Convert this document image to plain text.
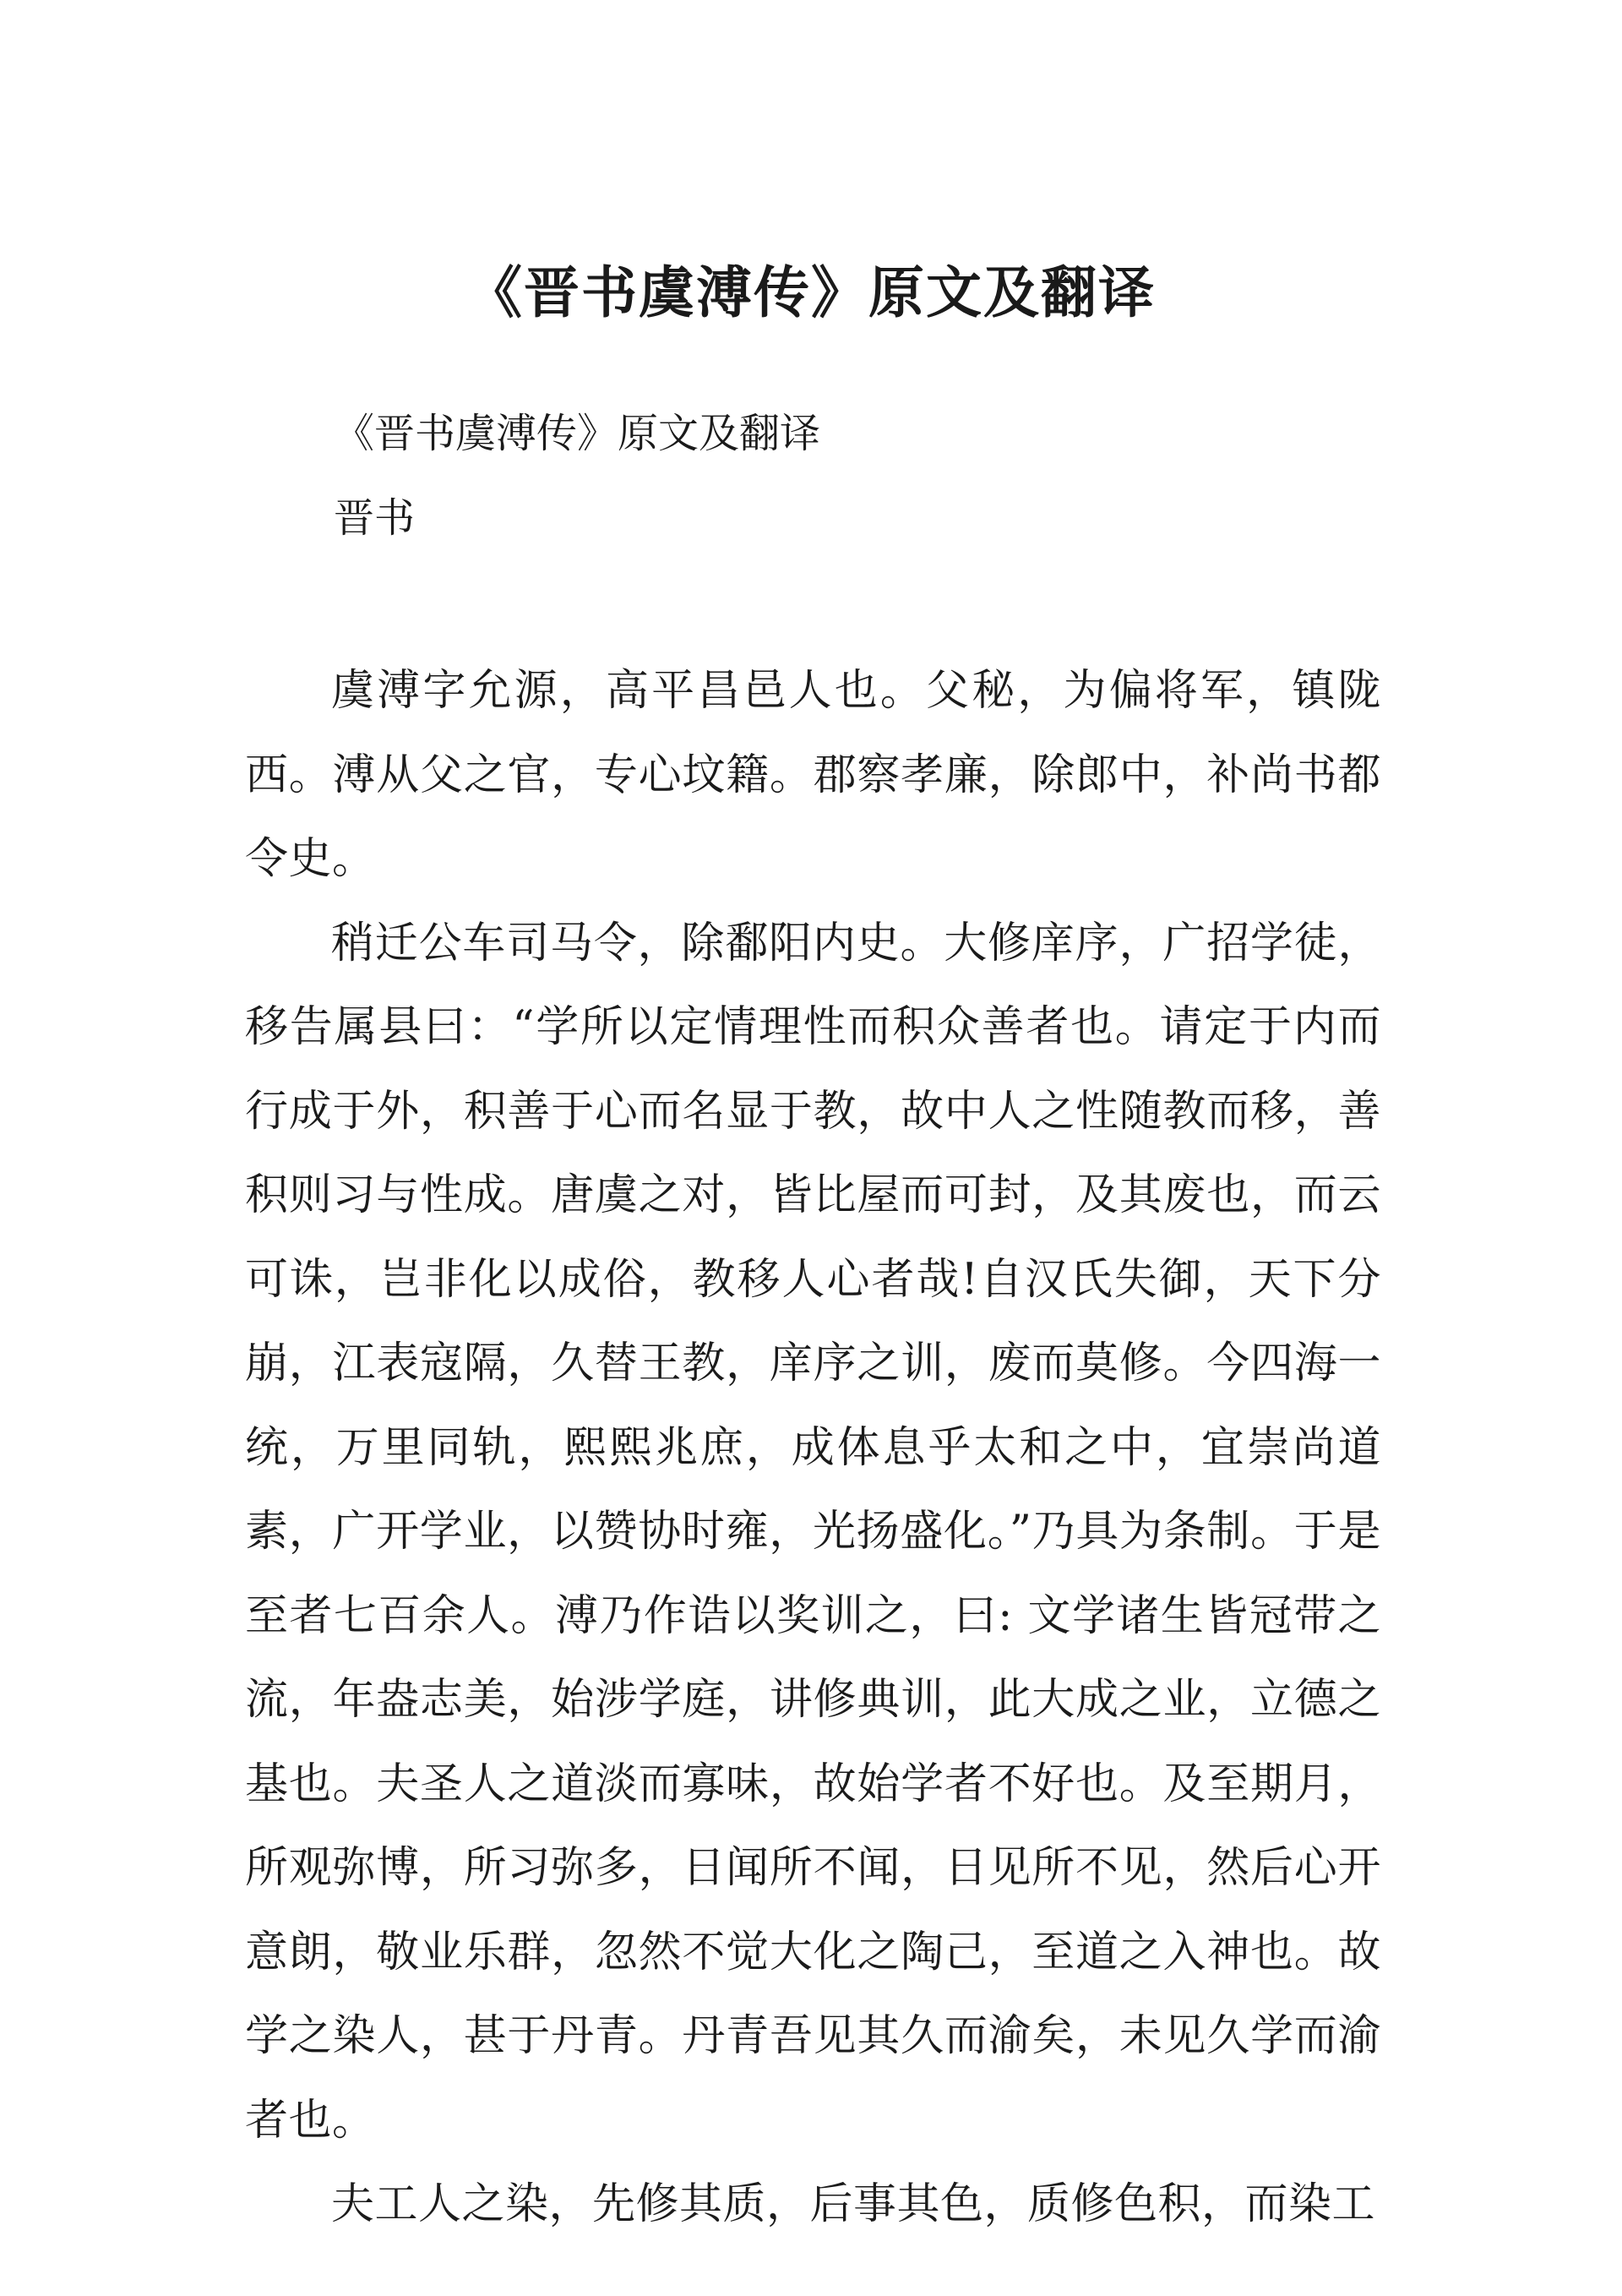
《晋书虞溥传》原文及翻译

《晋书虞溥传》原文及翻译

晋书

虞溥字允源，高平昌邑人也。父秘，为偏将军，镇陇西。溥从父之官，专心坟籍。郡察孝廉，除郎中，补尚书都令史。

稍迁公车司马令，除鄱阳内史。大修庠序，广招学徒，移告属县曰：“学所以定情理性而积众善者也。请定于内而行成于外，积善于心而名显于教，故中人之性随教而移，善积则习与性成。唐虞之对，皆比屋而可封，及其废也，而云可诛，岂非化以成俗，教移人心者哉!自汉氏失御，天下分崩，江表寇隔，久替王教，庠序之训，废而莫修。今四海一统，万里同轨，熙熙兆庶，成体息乎太和之中，宜崇尚道素，广开学业，以赞协时雍，光扬盛化。”乃具为条制。于是至者七百余人。溥乃作诰以奖训之，曰: 文学诸生皆冠带之流，年盎志美，始涉学庭，讲修典训，此大成之业，立德之基也。夫圣人之道淡而寡味，故始学者不好也。及至期月，所观弥博，所习弥多，日闻所不闻，日见所不见，然后心开意朗，敬业乐群，忽然不觉大化之陶己，至道之入神也。故学之染人，甚于丹青。丹青吾见其久而渝矣，未见久学而渝者也。

夫工人之染，先修其质，后事其色，质修色积，而染工
